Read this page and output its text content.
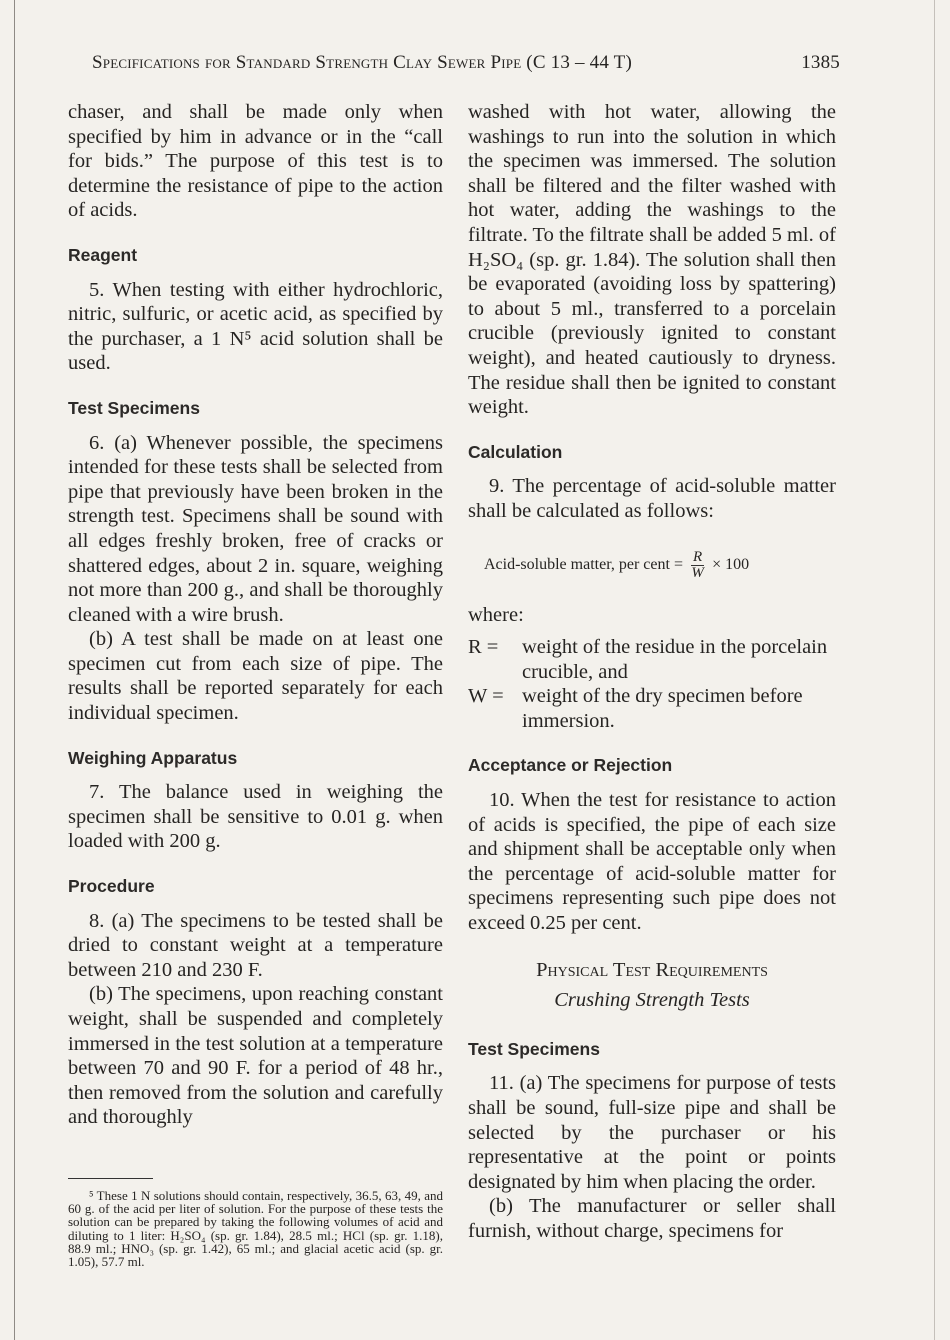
Specifications for Standard Strength Clay Sewer Pipe (C 13 – 44 T)	1385

chaser, and shall be made only when specified by him in advance or in the “call for bids.” The purpose of this test is to determine the resistance of pipe to the action of acids.

Reagent

5. When testing with either hydrochloric, nitric, sulfuric, or acetic acid, as specified by the purchaser, a 1 N⁵ acid solution shall be used.

Test Specimens

6. (a) Whenever possible, the specimens intended for these tests shall be selected from pipe that previously have been broken in the strength test. Specimens shall be sound with all edges freshly broken, free of cracks or shattered edges, about 2 in. square, weighing not more than 200 g., and shall be thoroughly cleaned with a wire brush.

(b) A test shall be made on at least one specimen cut from each size of pipe. The results shall be reported separately for each individual specimen.

Weighing Apparatus

7. The balance used in weighing the specimen shall be sensitive to 0.01 g. when loaded with 200 g.

Procedure

8. (a) The specimens to be tested shall be dried to constant weight at a temperature between 210 and 230 F.

(b) The specimens, upon reaching constant weight, shall be suspended and completely immersed in the test solution at a temperature between 70 and 90 F. for a period of 48 hr., then removed from the solution and carefully and thoroughly

⁵ These 1 N solutions should contain, respectively, 36.5, 63, 49, and 60 g. of the acid per liter of solution. For the purpose of these tests the solution can be prepared by taking the following volumes of acid and diluting to 1 liter: H₂SO₄ (sp. gr. 1.84), 28.5 ml.; HCl (sp. gr. 1.18), 88.9 ml.; HNO₃ (sp. gr. 1.42), 65 ml.; and glacial acetic acid (sp. gr. 1.05), 57.7 ml.

washed with hot water, allowing the washings to run into the solution in which the specimen was immersed. The solution shall be filtered and the filter washed with hot water, adding the washings to the filtrate. To the filtrate shall be added 5 ml. of H₂SO₄ (sp. gr. 1.84). The solution shall then be evaporated (avoiding loss by spattering) to about 5 ml., transferred to a porcelain crucible (previously ignited to constant weight), and heated cautiously to dryness. The residue shall then be ignited to constant weight.

Calculation

9. The percentage of acid-soluble matter shall be calculated as follows:

Acid-soluble matter, per cent = $\frac{R}{W} \times 100$

where:

R =	weight of the residue in the porcelain crucible, and
W = weight of the dry specimen before immersion.
Acceptance or Rejection

10. When the test for resistance to action of acids is specified, the pipe of each size and shipment shall be acceptable only when the percentage of acid-soluble matter for specimens representing such pipe does not exceed 0.25 per cent.

Physical Test Requirements

Crushing Strength Tests

Test Specimens

11. (a) The specimens for purpose of tests shall be sound, full-size pipe and shall be selected by the purchaser or his representative at the point or points designated by him when placing the order.

(b) The manufacturer or seller shall furnish, without charge, specimens for
